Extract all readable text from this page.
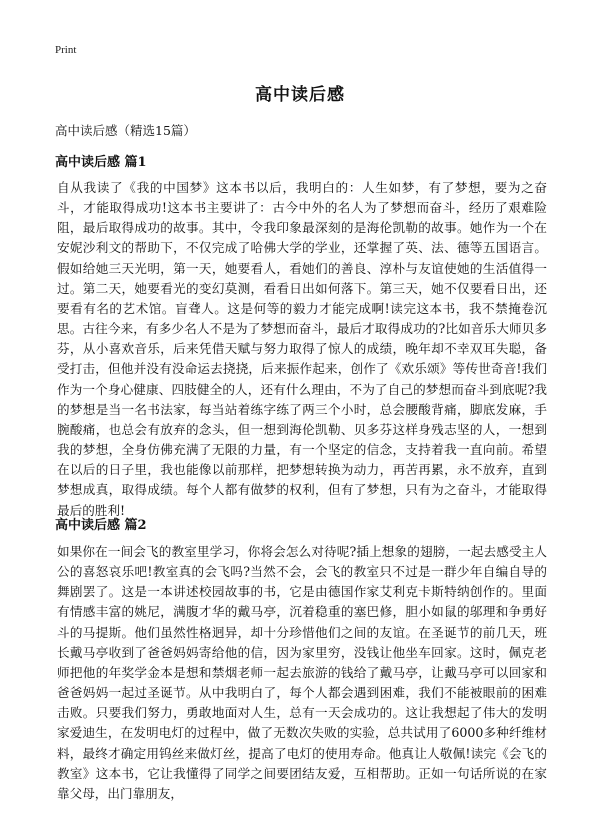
Print
高中读后感
高中读后感（精选15篇）
高中读后感 篇1
自从我读了《我的中国梦》这本书以后，我明白的：人生如梦，有了梦想，要为之奋斗，才能取得成功!这本书主要讲了：古今中外的名人为了梦想而奋斗，经历了艰难险阻，最后取得成功的故事。其中，令我印象最深刻的是海伦凯勒的故事。她作为一个在安妮沙利文的帮助下，不仅完成了哈佛大学的学业，还掌握了英、法、德等五国语言。假如给她三天光明，第一天，她要看人，看她们的善良、淳朴与友谊使她的生活值得一过。第二天，她要看光的变幻莫测，看看日出如何落下。第三天，她不仅要看日出，还要看有名的艺术馆。盲聋人。这是何等的毅力才能完成啊!读完这本书，我不禁掩卷沉思。古往今来，有多少名人不是为了梦想而奋斗，最后才取得成功的?比如音乐大师贝多芬，从小喜欢音乐，后来凭借天赋与努力取得了惊人的成绩，晚年却不幸双耳失聪，备受打击，但他并没有没命运去挠挠，后来振作起来，创作了《欢乐颂》等传世奇音!我们作为一个身心健康、四肢健全的人，还有什么理由，不为了自己的梦想而奋斗到底呢?我的梦想是当一名书法家，每当站着练字练了两三个小时，总会腰酸背痛，脚底发麻，手腕酸痛，也总会有放弃的念头，但一想到海伦凯勒、贝多芬这样身残志坚的人，一想到我的梦想，全身仿佛充满了无限的力量，有一个坚定的信念，支持着我一直向前。希望在以后的日子里，我也能像以前那样，把梦想转换为动力，再苦再累，永不放弃，直到梦想成真，取得成绩。每个人都有做梦的权利，但有了梦想，只有为之奋斗，才能取得最后的胜利!
高中读后感 篇2
如果你在一间会飞的教室里学习，你将会怎么对待呢?插上想象的翅膀，一起去感受主人公的喜怒哀乐吧!教室真的会飞吗?当然不会，会飞的教室只不过是一群少年自编自导的舞剧罢了。这是一本讲述校园故事的书，它是由德国作家艾利克卡斯特纳创作的。里面有情感丰富的姚尼，满腹才华的戴马亭，沉着稳重的塞巴修，胆小如鼠的邬理和争勇好斗的马提斯。他们虽然性格迥异，却十分珍惜他们之间的友谊。在圣诞节的前几天，班长戴马亭收到了爸爸妈妈寄给他的信，因为家里穷，没钱让他坐车回家。这时，佩克老师把他的年奖学金本是想和禁烟老师一起去旅游的钱给了戴马亭，让戴马亭可以回家和爸爸妈妈一起过圣诞节。从中我明白了，每个人都会遇到困难，我们不能被眼前的困难击败。只要我们努力，勇敢地面对人生，总有一天会成功的。这让我想起了伟大的发明家爱迪生，在发明电灯的过程中，做了无数次失败的实验，总共试用了6000多种纤维材料，最终才确定用钨丝来做灯丝，提高了电灯的使用寿命。他真让人敬佩!读完《会飞的教室》这本书，它让我懂得了同学之间要团结友爱，互相帮助。正如一句话所说的在家靠父母，出门靠朋友，
